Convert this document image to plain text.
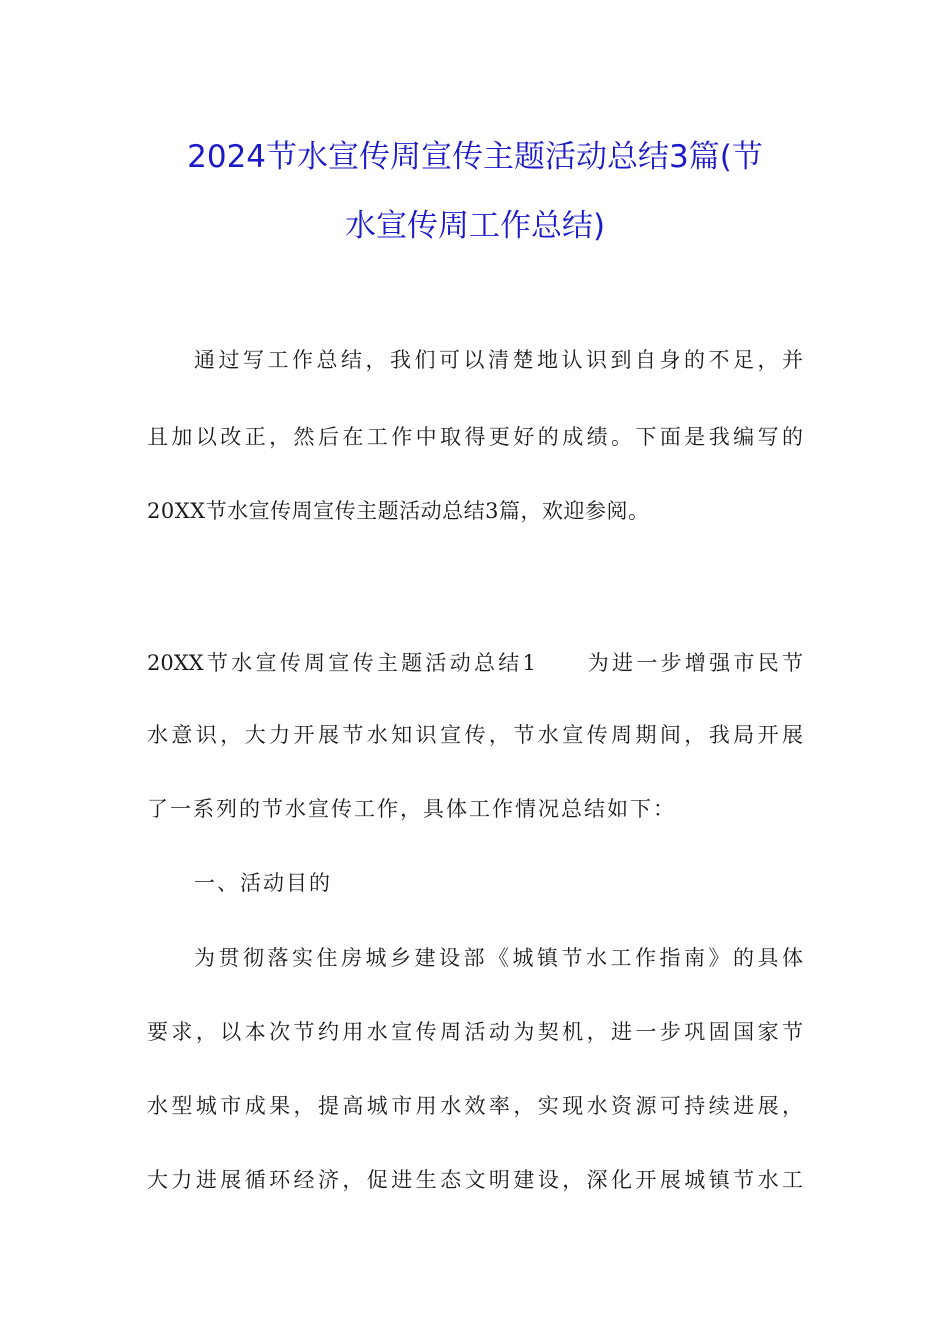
2024节水宣传周宣传主题活动总结3篇(节
水宣传周工作总结)
通过写工作总结，我们可以清楚地认识到自身的不足，并
且加以改正，然后在工作中取得更好的成绩。下面是我编写的
20XX节水宣传周宣传主题活动总结3篇，欢迎参阅。
20XX节水宣传周宣传主题活动总结1　　为进一步增强市民节
水意识，大力开展节水知识宣传，节水宣传周期间，我局开展
了一系列的节水宣传工作，具体工作情况总结如下：
一、活动目的
为贯彻落实住房城乡建设部《城镇节水工作指南》的具体
要求，以本次节约用水宣传周活动为契机，进一步巩固国家节
水型城市成果，提高城市用水效率，实现水资源可持续进展，
大力进展循环经济，促进生态文明建设，深化开展城镇节水工
